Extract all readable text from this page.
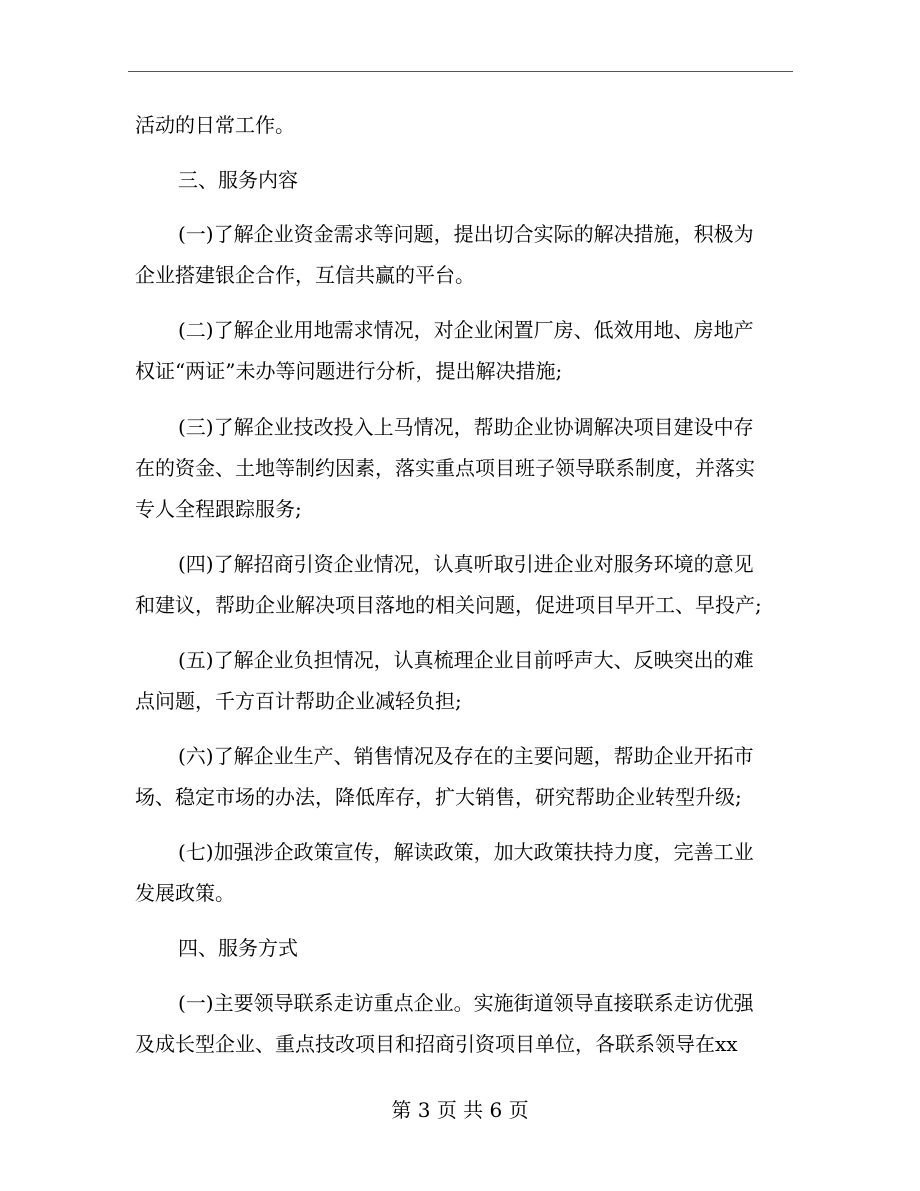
活动的日常工作。
三、服务内容
(一)了解企业资金需求等问题，提出切合实际的解决措施，积极为
企业搭建银企合作，互信共赢的平台。
(二)了解企业用地需求情况，对企业闲置厂房、低效用地、房地产
权证“两证”未办等问题进行分析，提出解决措施;
(三)了解企业技改投入上马情况，帮助企业协调解决项目建设中存
在的资金、土地等制约因素，落实重点项目班子领导联系制度，并落实
专人全程跟踪服务;
(四)了解招商引资企业情况，认真听取引进企业对服务环境的意见
和建议，帮助企业解决项目落地的相关问题，促进项目早开工、早投产;
(五)了解企业负担情况，认真梳理企业目前呼声大、反映突出的难
点问题，千方百计帮助企业减轻负担;
(六)了解企业生产、销售情况及存在的主要问题，帮助企业开拓市
场、稳定市场的办法，降低库存，扩大销售，研究帮助企业转型升级;
(七)加强涉企政策宣传，解读政策，加大政策扶持力度，完善工业
发展政策。
四、服务方式
(一)主要领导联系走访重点企业。实施街道领导直接联系走访优强
及成长型企业、重点技改项目和招商引资项目单位，各联系领导在xx
第 3 页 共 6 页
